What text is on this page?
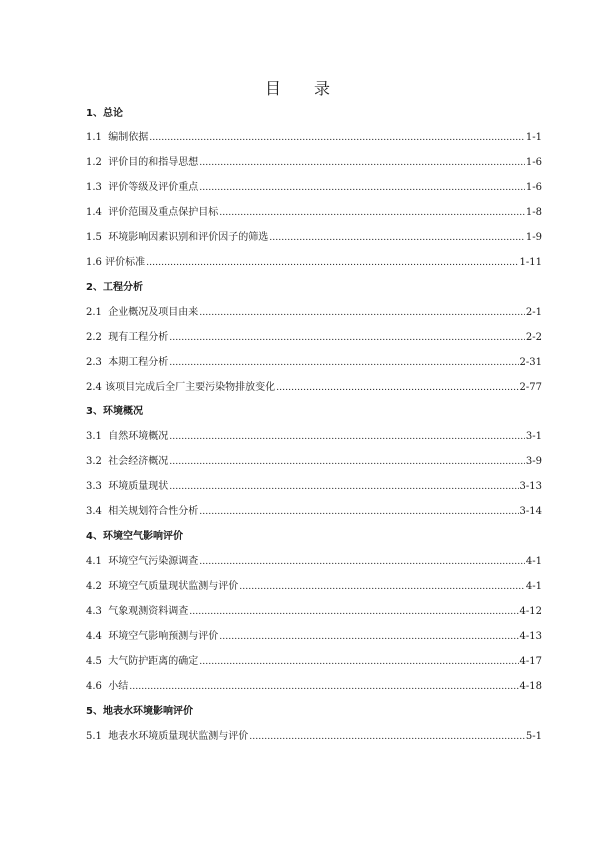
目 录
1、总论
1.1  编制依据 …………………………………………………………………………………………………………………………………………………………………………………………………………………………	1-1
1.2  评价目的和指导思想 …………………………………………………………………………………………………………………………………………………………………………………………………………………………	1-6
1.3  评价等级及评价重点 …………………………………………………………………………………………………………………………………………………………………………………………………………………………	1-6
1.4  评价范围及重点保护目标 …………………………………………………………………………………………………………………………………………………………………………………………………………………………	1-8
1.5  环境影响因素识别和评价因子的筛选 …………………………………………………………………………………………………………………………………………………………………………………………………………………………	1-9
1.6 评价标准 …………………………………………………………………………………………………………………………………………………………………………………………………………………………	1-11
2、工程分析
2.1  企业概况及项目由来 …………………………………………………………………………………………………………………………………………………………………………………………………………………………	2-1
2.2  现有工程分析 …………………………………………………………………………………………………………………………………………………………………………………………………………………………	2-2
2.3  本期工程分析 …………………………………………………………………………………………………………………………………………………………………………………………………………………………	2-31
2.4 该项目完成后全厂主要污染物排放变化 …………………………………………………………………………………………………………………………………………………………………………………………………………………………	2-77
3、环境概况
3.1  自然环境概况 …………………………………………………………………………………………………………………………………………………………………………………………………………………………	3-1
3.2  社会经济概况 …………………………………………………………………………………………………………………………………………………………………………………………………………………………	3-9
3.3  环境质量现状 …………………………………………………………………………………………………………………………………………………………………………………………………………………………	3-13
3.4  相关规划符合性分析 …………………………………………………………………………………………………………………………………………………………………………………………………………………………	3-14
4、环境空气影响评价
4.1  环境空气污染源调查 …………………………………………………………………………………………………………………………………………………………………………………………………………………………	4-1
4.2  环境空气质量现状监测与评价 …………………………………………………………………………………………………………………………………………………………………………………………………………………………	4-1
4.3  气象观测资料调查 …………………………………………………………………………………………………………………………………………………………………………………………………………………………	4-12
4.4  环境空气影响预测与评价 …………………………………………………………………………………………………………………………………………………………………………………………………………………………	4-13
4.5  大气防护距离的确定 …………………………………………………………………………………………………………………………………………………………………………………………………………………………	4-17
4.6  小结 …………………………………………………………………………………………………………………………………………………………………………………………………………………………	4-18
5、地表水环境影响评价
5.1  地表水环境质量现状监测与评价 …………………………………………………………………………………………………………………………………………………………………………………………………………………………	5-1
